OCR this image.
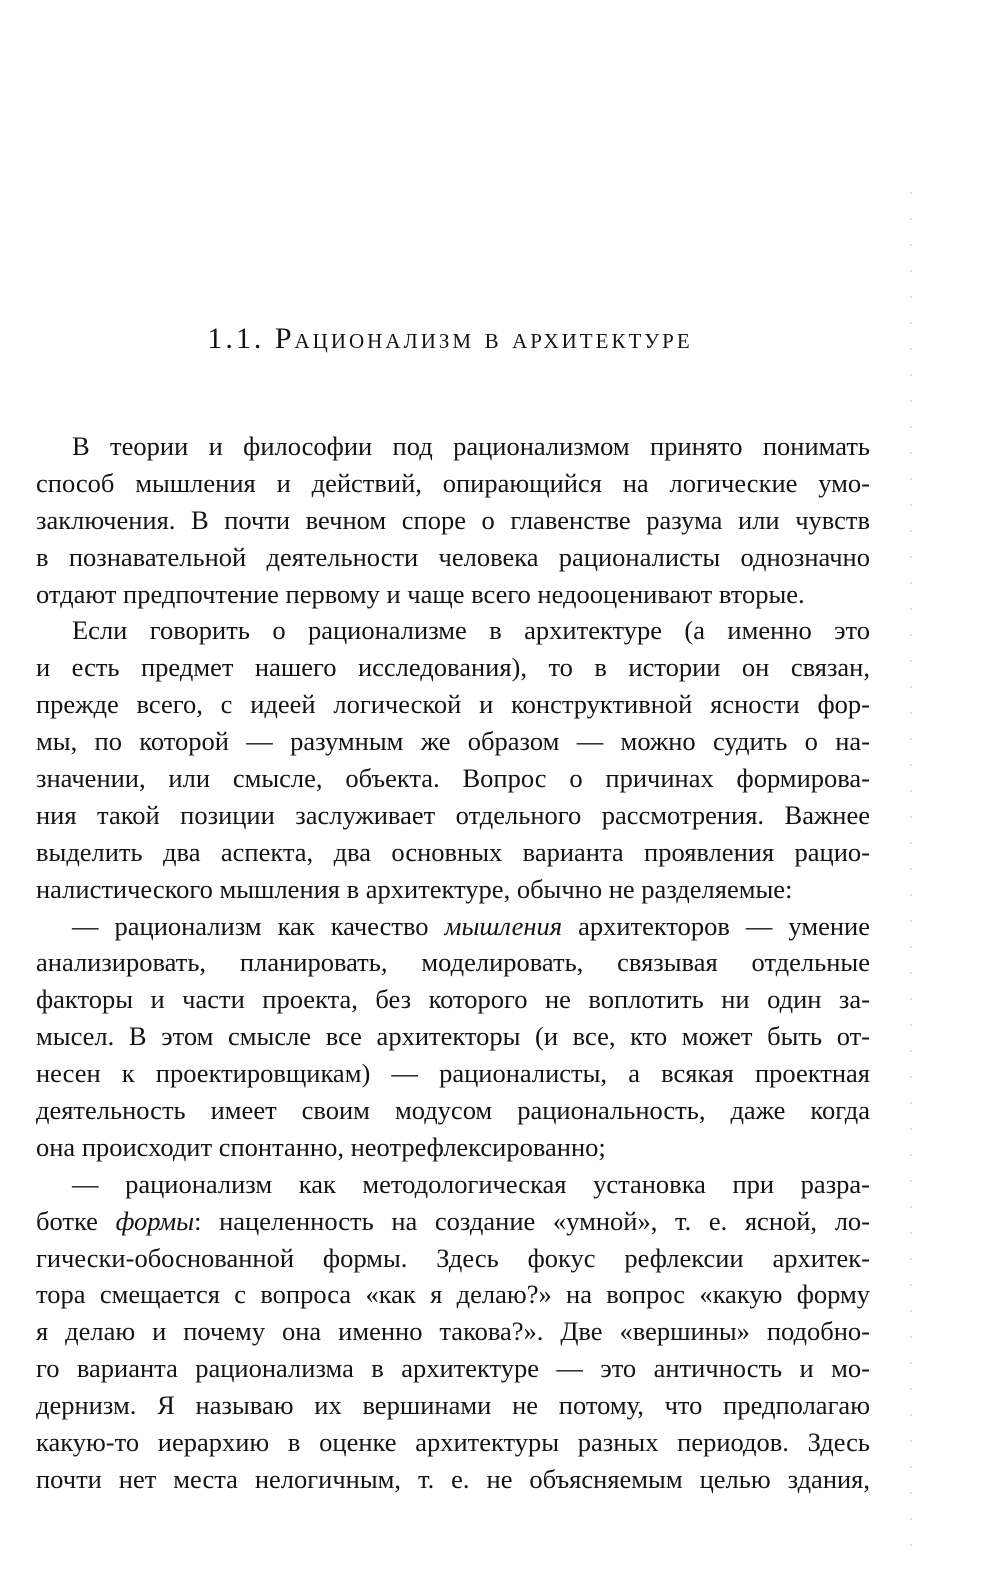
1.1. Рационализм в архитектуре
В теории и философии под рационализмом принято понимать
способ мышления и действий, опирающийся на логические умо-
заключения. В почти вечном споре о главенстве разума или чувств
в познавательной деятельности человека рационалисты однозначно
отдают предпочтение первому и чаще всего недооценивают вторые.
Если говорить о рационализме в архитектуре (а именно это
и есть предмет нашего исследования), то в истории он связан,
прежде всего, с идеей логической и конструктивной ясности фор-
мы, по которой — разумным же образом — можно судить о на-
значении, или смысле, объекта. Вопрос о причинах формирова-
ния такой позиции заслуживает отдельного рассмотрения. Важнее
выделить два аспекта, два основных варианта проявления рацио-
налистического мышления в архитектуре, обычно не разделяемые:
— рационализм как качество мышления архитекторов — умение
анализировать, планировать, моделировать, связывая отдельные
факторы и части проекта, без которого не воплотить ни один за-
мысел. В этом смысле все архитекторы (и все, кто может быть от-
несен к проектировщикам) — рационалисты, а всякая проектная
деятельность имеет своим модусом рациональность, даже когда
она происходит спонтанно, неотрефлексированно;
— рационализм как методологическая установка при разра-
ботке формы: нацеленность на создание «умной», т. е. ясной, ло-
гически-обоснованной формы. Здесь фокус рефлексии архитек-
тора смещается с вопроса «как я делаю?» на вопрос «какую форму
я делаю и почему она именно такова?». Две «вершины» подобно-
го варианта рационализма в архитектуре — это античность и мо-
дернизм. Я называю их вершинами не потому, что предполагаю
какую-то иерархию в оценке архитектуры разных периодов. Здесь
почти нет места нелогичным, т. е. не объясняемым целью здания,
